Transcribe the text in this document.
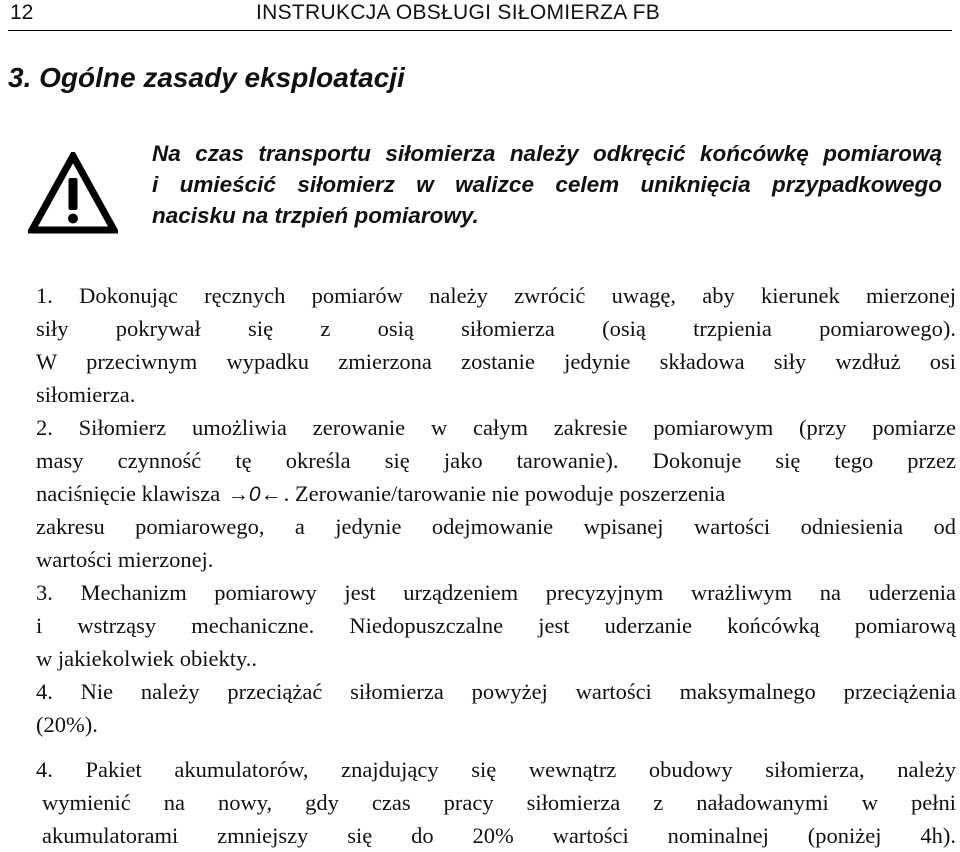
12	INSTRUKCJA OBSŁUGI SIŁOMIERZA FB
3. Ogólne zasady eksploatacji
Na czas transportu siłomierza należy odkręcić końcówkę pomiarową
i umieścić siłomierz w walizce celem uniknięcia przypadkowego
nacisku na trzpień pomiarowy.
1. Dokonując ręcznych pomiarów należy zwrócić uwagę, aby kierunek mierzonej
siły pokrywał się z osią siłomierza (osią trzpienia pomiarowego).
W przeciwnym wypadku zmierzona zostanie jedynie składowa siły wzdłuż osi
siłomierza.
2. Siłomierz umożliwia zerowanie w całym zakresie pomiarowym (przy pomiarze
masy czynność tę określa się jako tarowanie). Dokonuje się tego przez
naciśnięcie klawisza →0←. Zerowanie/tarowanie nie powoduje poszerzenia
zakresu pomiarowego, a jedynie odejmowanie wpisanej wartości odniesienia od
wartości mierzonej.
3. Mechanizm pomiarowy jest urządzeniem precyzyjnym wrażliwym na uderzenia
i wstrząsy mechaniczne. Niedopuszczalne jest uderzanie końcówką pomiarową
w jakiekolwiek obiekty..
4. Nie należy przeciążać siłomierza powyżej wartości maksymalnego przeciążenia
(20%).
4. Pakiet akumulatorów, znajdujący się wewnątrz obudowy siłomierza, należy
wymienić na nowy, gdy czas pracy siłomierza z naładowanymi w pełni
akumulatorami zmniejszy się do 20% wartości nominalnej (poniżej 4h).
